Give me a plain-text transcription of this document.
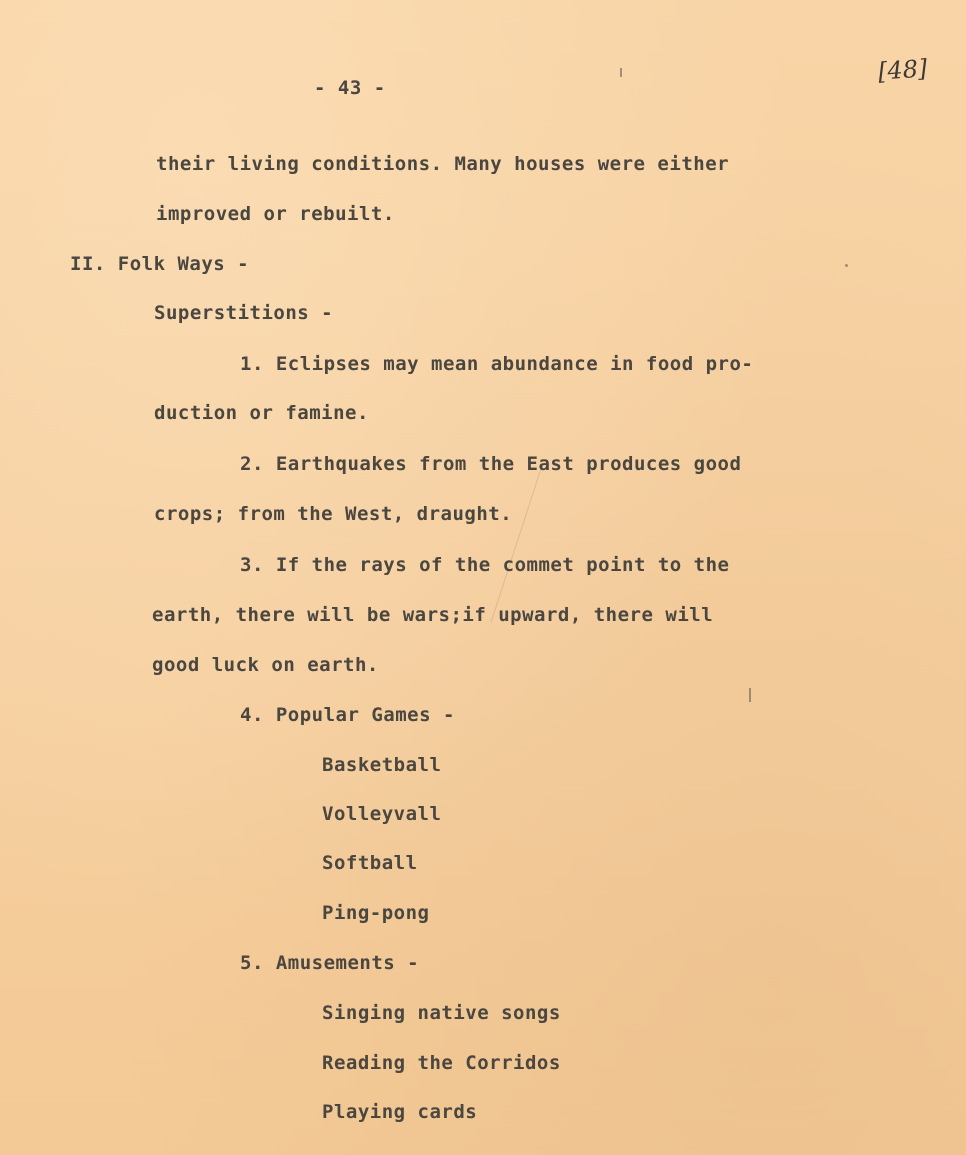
- 43 -
[48]

their living conditions. Many houses were either

improved or rebuilt.

II. Folk Ways -

Superstitions -

1. Eclipses may mean abundance in food pro-

duction or famine.

2. Earthquakes from the East produces good

crops; from the West, draught.

3. If the rays of the commet point to the

earth, there will be wars;if upward, there will

good luck on earth.

4. Popular Games -

Basketball

Volleyvall

Softball

Ping-pong

5. Amusements -

Singing native songs

Reading the Corridos

Playing cards
